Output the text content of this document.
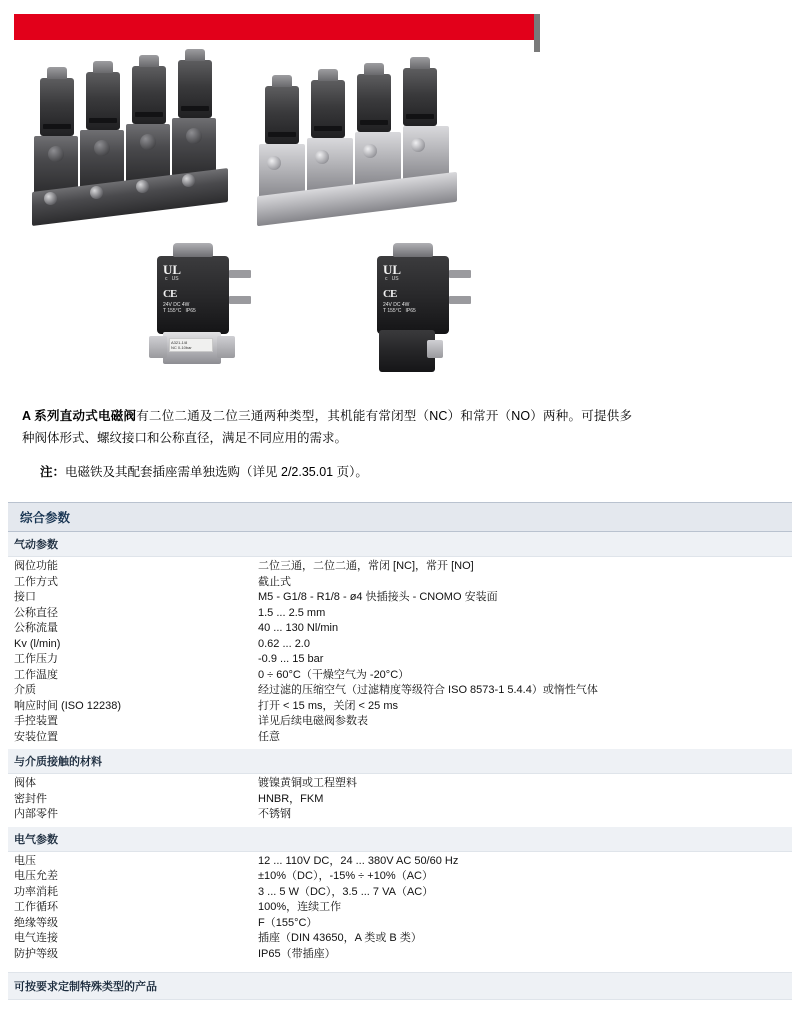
UL
c   US
CE
24V DC 4W
T 155°C   IP65
A321-1/8
NC 0-10bar
UL
c   US
CE
24V DC 4W
T 155°C   IP65
A 系列直动式电磁阀有二位二通及二位三通两种类型，其机能有常闭型（NC）和常开（NO）两种。可提供多种阀体形式、螺纹接口和公称直径，满足不同应用的需求。
注：电磁铁及其配套插座需单独选购（详见 2/2.35.01 页）。
综合参数
气动参数
阀位功能	二位三通，二位二通，常闭 [NC]，常开 [NO]
工作方式	截止式
接口	M5 - G1/8 - R1/8 - ø4 快插接头 - CNOMO 安装面
公称直径	1.5 ... 2.5 mm
公称流量	40 ... 130 Nl/min
Kv (l/min)	0.62 ... 2.0
工作压力	-0.9 ... 15 bar
工作温度	0 ÷ 60°C（干燥空气为 -20°C）
介质	经过滤的压缩空气（过滤精度等级符合 ISO 8573-1 5.4.4）或惰性气体
响应时间 (ISO 12238)	打开 < 15 ms，关闭 < 25 ms
手控装置	详见后续电磁阀参数表
安装位置	任意
与介质接触的材料
阀体	镀镍黄铜或工程塑料
密封件	HNBR，FKM
内部零件	不锈钢
电气参数
电压	12 ... 110V DC，24 ... 380V AC 50/60 Hz
电压允差	±10%（DC），-15% ÷ +10%（AC）
功率消耗	3 ... 5 W（DC），3.5 ... 7 VA（AC）
工作循环	100%，连续工作
绝缘等级	F（155°C）
电气连接	插座（DIN 43650，A 类或 B 类）
防护等级	IP65（带插座）
可按要求定制特殊类型的产品
